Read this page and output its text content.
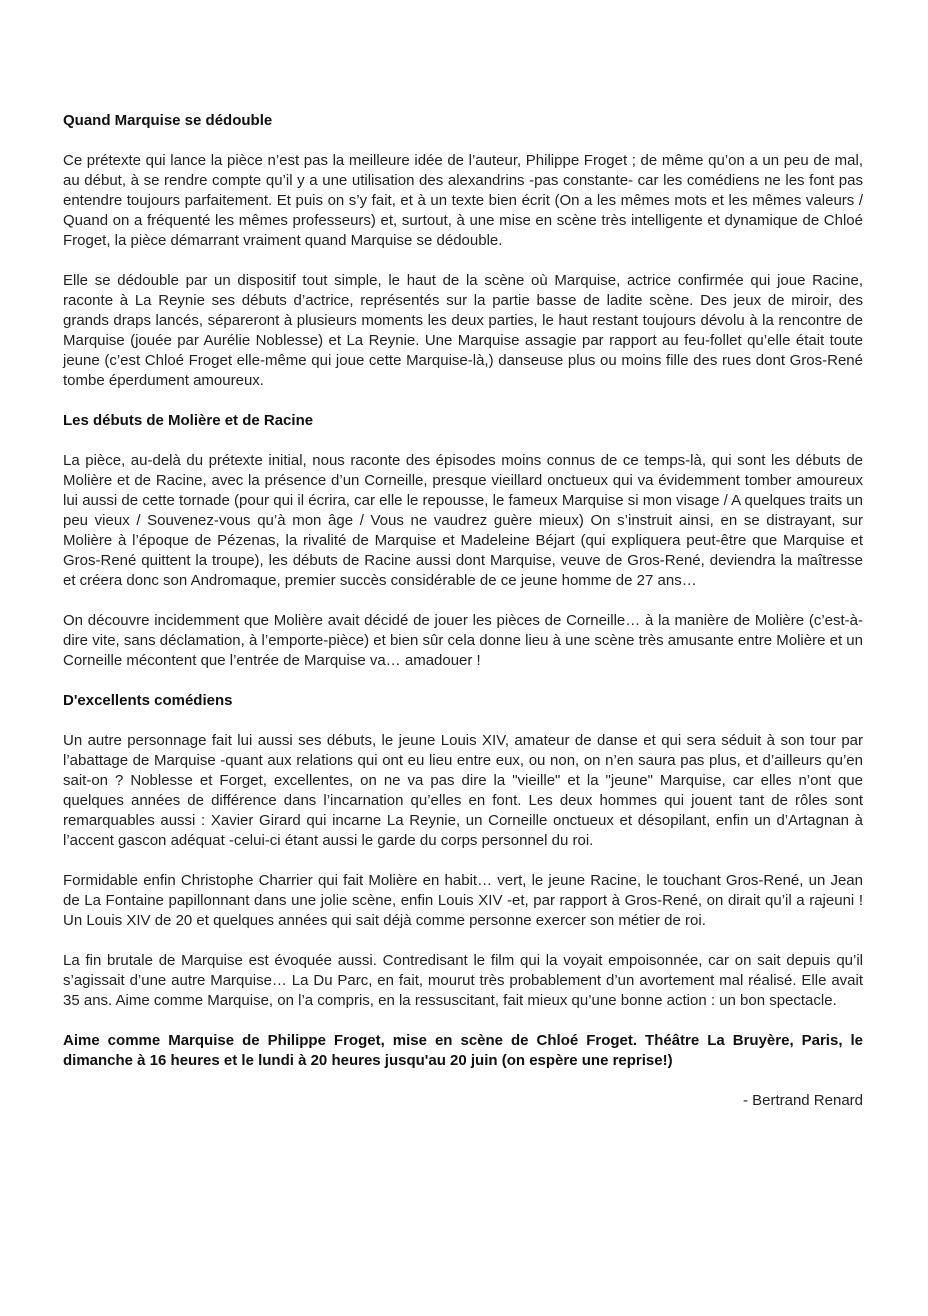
Quand Marquise se dédouble

Ce prétexte qui lance la pièce n’est pas la meilleure idée de l’auteur, Philippe Froget ; de même qu’on a un peu de mal, au début, à se rendre compte qu’il y a une utilisation des alexandrins -pas constante- car les comédiens ne les font pas entendre toujours parfaitement. Et puis on s’y fait, et à un texte bien écrit (On a les mêmes mots et les mêmes valeurs / Quand on a fréquenté les mêmes professeurs) et, surtout, à une mise en scène très intelligente et dynamique de Chloé Froget, la pièce démarrant vraiment quand Marquise se dédouble.

Elle se dédouble par un dispositif tout simple, le haut de la scène où Marquise, actrice confirmée qui joue Racine, raconte à La Reynie ses débuts d’actrice, représentés sur la partie basse de ladite scène. Des jeux de miroir, des grands draps lancés, sépareront à plusieurs moments les deux parties, le haut restant toujours dévolu à la rencontre de Marquise (jouée par Aurélie Noblesse) et La Reynie. Une Marquise assagie par rapport au feu-follet qu’elle était toute jeune (c’est Chloé Froget elle-même qui joue cette Marquise-là,) danseuse plus ou moins fille des rues dont Gros-René tombe éperdument amoureux.

Les débuts de Molière et de Racine

La pièce, au-delà du prétexte initial, nous raconte des épisodes moins connus de ce temps-là, qui sont les débuts de Molière et de Racine, avec la présence d’un Corneille, presque vieillard onctueux qui va évidemment tomber amoureux lui aussi de cette tornade (pour qui il écrira, car elle le repousse, le fameux Marquise si mon visage / A quelques traits un peu vieux / Souvenez-vous qu’à mon âge / Vous ne vaudrez guère mieux) On s’instruit ainsi, en se distrayant, sur Molière à l’époque de Pézenas, la rivalité de Marquise et Madeleine Béjart (qui expliquera peut-être que Marquise et Gros-René quittent la troupe), les débuts de Racine aussi dont Marquise, veuve de Gros-René, deviendra la maîtresse et créera donc son Andromaque, premier succès considérable de ce jeune homme de 27 ans…

On découvre incidemment que Molière avait décidé de jouer les pièces de Corneille… à la manière de Molière (c’est-à-dire vite, sans déclamation, à l’emporte-pièce) et bien sûr cela donne lieu à une scène très amusante entre Molière et un Corneille mécontent que l’entrée de Marquise va… amadouer !

D'excellents comédiens

Un autre personnage fait lui aussi ses débuts, le jeune Louis XIV, amateur de danse et qui sera séduit à son tour par l’abattage de Marquise -quant aux relations qui ont eu lieu entre eux, ou non, on n’en saura pas plus, et d’ailleurs qu’en sait-on ? Noblesse et Forget, excellentes, on ne va pas dire la "vieille" et la "jeune" Marquise, car elles n’ont que quelques années de différence dans l’incarnation qu’elles en font. Les deux hommes qui jouent tant de rôles sont remarquables aussi : Xavier Girard qui incarne La Reynie, un Corneille onctueux et désopilant, enfin un d’Artagnan à l’accent gascon adéquat -celui-ci étant aussi le garde du corps personnel du roi.

Formidable enfin Christophe Charrier qui fait Molière en habit… vert, le jeune Racine, le touchant Gros-René, un Jean de La Fontaine papillonnant dans une jolie scène, enfin Louis XIV -et, par rapport à Gros-René, on dirait qu’il a rajeuni ! Un Louis XIV de 20 et quelques années qui sait déjà comme personne exercer son métier de roi.

La fin brutale de Marquise est évoquée aussi. Contredisant le film qui la voyait empoisonnée, car on sait depuis qu’il s’agissait d’une autre Marquise… La Du Parc, en fait, mourut très probablement d’un avortement mal réalisé. Elle avait 35 ans. Aime comme Marquise, on l’a compris, en la ressuscitant, fait mieux qu’une bonne action : un bon spectacle.

Aime comme Marquise de Philippe Froget, mise en scène de Chloé Froget. Théâtre La Bruyère, Paris, le dimanche à 16 heures et le lundi à 20 heures jusqu'au 20 juin (on espère une reprise!)

- Bertrand Renard
